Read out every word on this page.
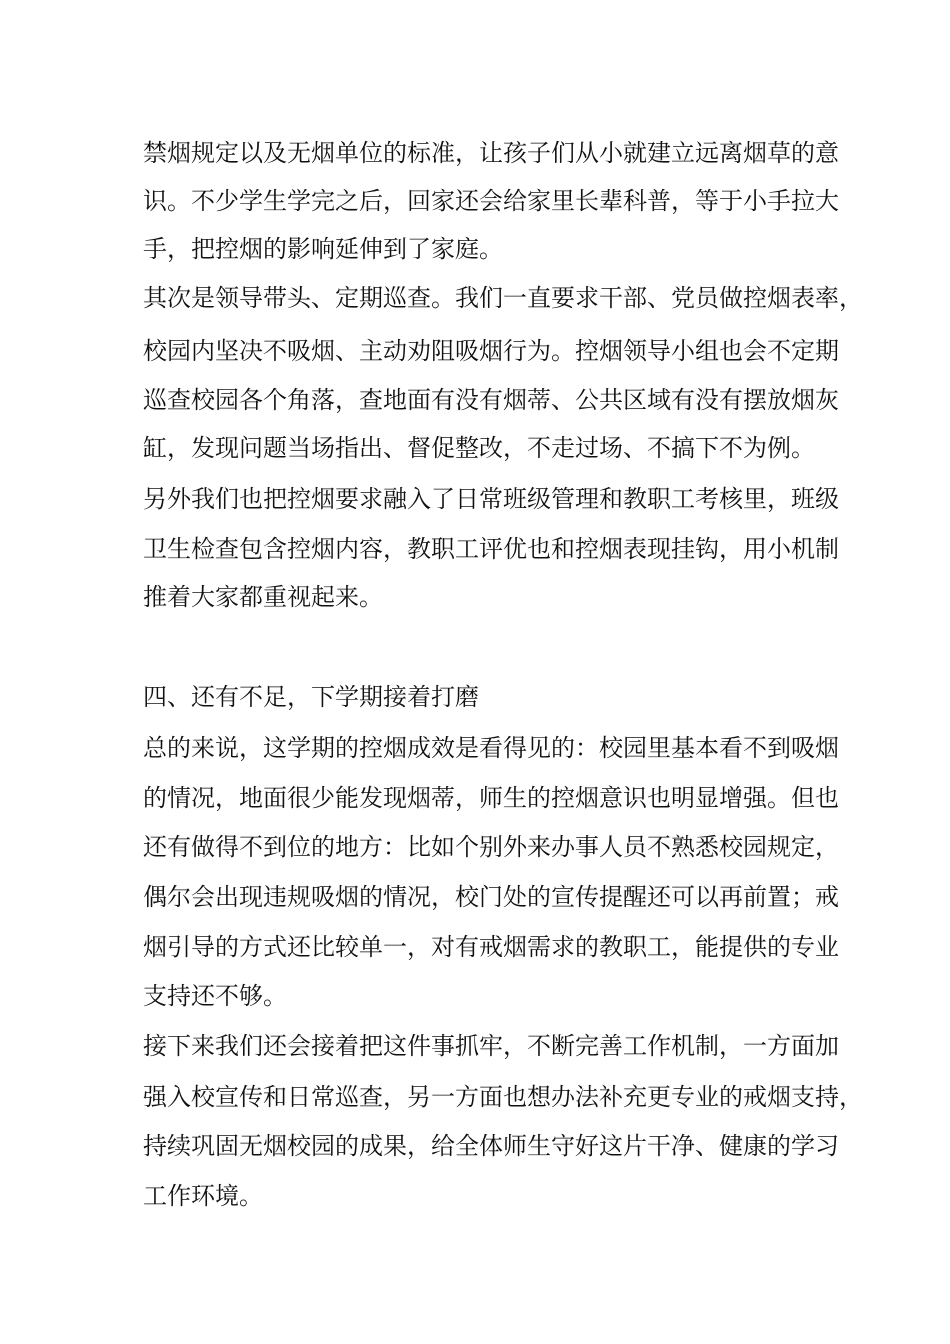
禁烟规定以及无烟单位的标准，让孩子们从小就建立远离烟草的意

识。不少学生学完之后，回家还会给家里长辈科普，等于小手拉大

手，把控烟的影响延伸到了家庭。

其次是领导带头、定期巡查。我们一直要求干部、党员做控烟表率，

校园内坚决不吸烟、主动劝阻吸烟行为。控烟领导小组也会不定期

巡查校园各个角落，查地面有没有烟蒂、公共区域有没有摆放烟灰

缸，发现问题当场指出、督促整改，不走过场、不搞下不为例。

另外我们也把控烟要求融入了日常班级管理和教职工考核里，班级

卫生检查包含控烟内容，教职工评优也和控烟表现挂钩，用小机制

推着大家都重视起来。

四、还有不足，下学期接着打磨

总的来说，这学期的控烟成效是看得见的：校园里基本看不到吸烟

的情况，地面很少能发现烟蒂，师生的控烟意识也明显增强。但也

还有做得不到位的地方：比如个别外来办事人员不熟悉校园规定，

偶尔会出现违规吸烟的情况，校门处的宣传提醒还可以再前置；戒

烟引导的方式还比较单一，对有戒烟需求的教职工，能提供的专业

支持还不够。

接下来我们还会接着把这件事抓牢，不断完善工作机制，一方面加

强入校宣传和日常巡查，另一方面也想办法补充更专业的戒烟支持，

持续巩固无烟校园的成果，给全体师生守好这片干净、健康的学习

工作环境。
